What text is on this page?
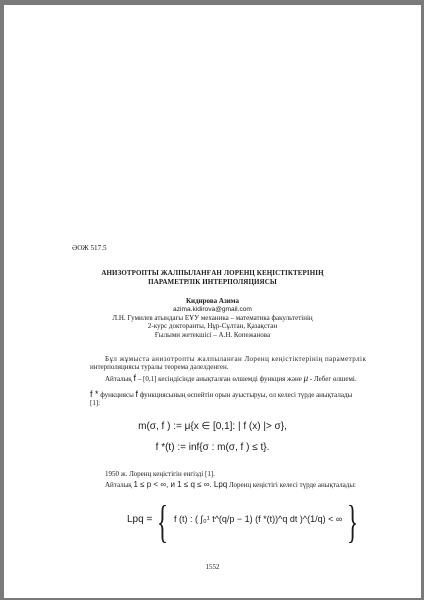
ӘОЖ 517.5
АНИЗОТРОПТЫ ЖАЛПЫЛАНҒАН ЛОРЕНЦ КЕҢІСТІКТЕРІНІҢ
ПАРАМЕТРЛІК ИНТЕРПОЛЯЦИЯСЫ
Кидирова Азима
azima.kidirova@gmail.com
Л.Н. Гумилев атындағы ЕҰУ механика – математика факультетінің
2-курс докторанты, Нұр-Сұлтан, Қазақстан
Ғылыми жетекшісі – А.Н. Копежанова
Бұл жұмыста анизотропты жалпыланған Лоренц кеңістіктерінің параметрлік
интерполяциясы туралы теорема дәлелденген.
Айталық f – [0,1] кесіндісінде анықталған өлшемді функция және μ - Лебег өлшемі.
f * функциясы f функциясының өспейтін орын ауыстыруы, ол келесі түрде анықталады
[1]:
m(σ, f ) := μ{x ∈ [0,1]: | f (x) |> σ},
f *(t) := inf{σ : m(σ, f ) ≤ t}.
1950 ж. Лоренц кеңістігін енгізді [1].
Айталық 1 ≤ p < ∞, и 1 ≤ q ≤ ∞. Lpq Лоренц кеңістігі келесі түрде анықталады:
Lpq = { f (t) : ( ∫₀¹ t^(q/p − 1) (f *(t))^q dt )^(1/q) < ∞ }
1552
